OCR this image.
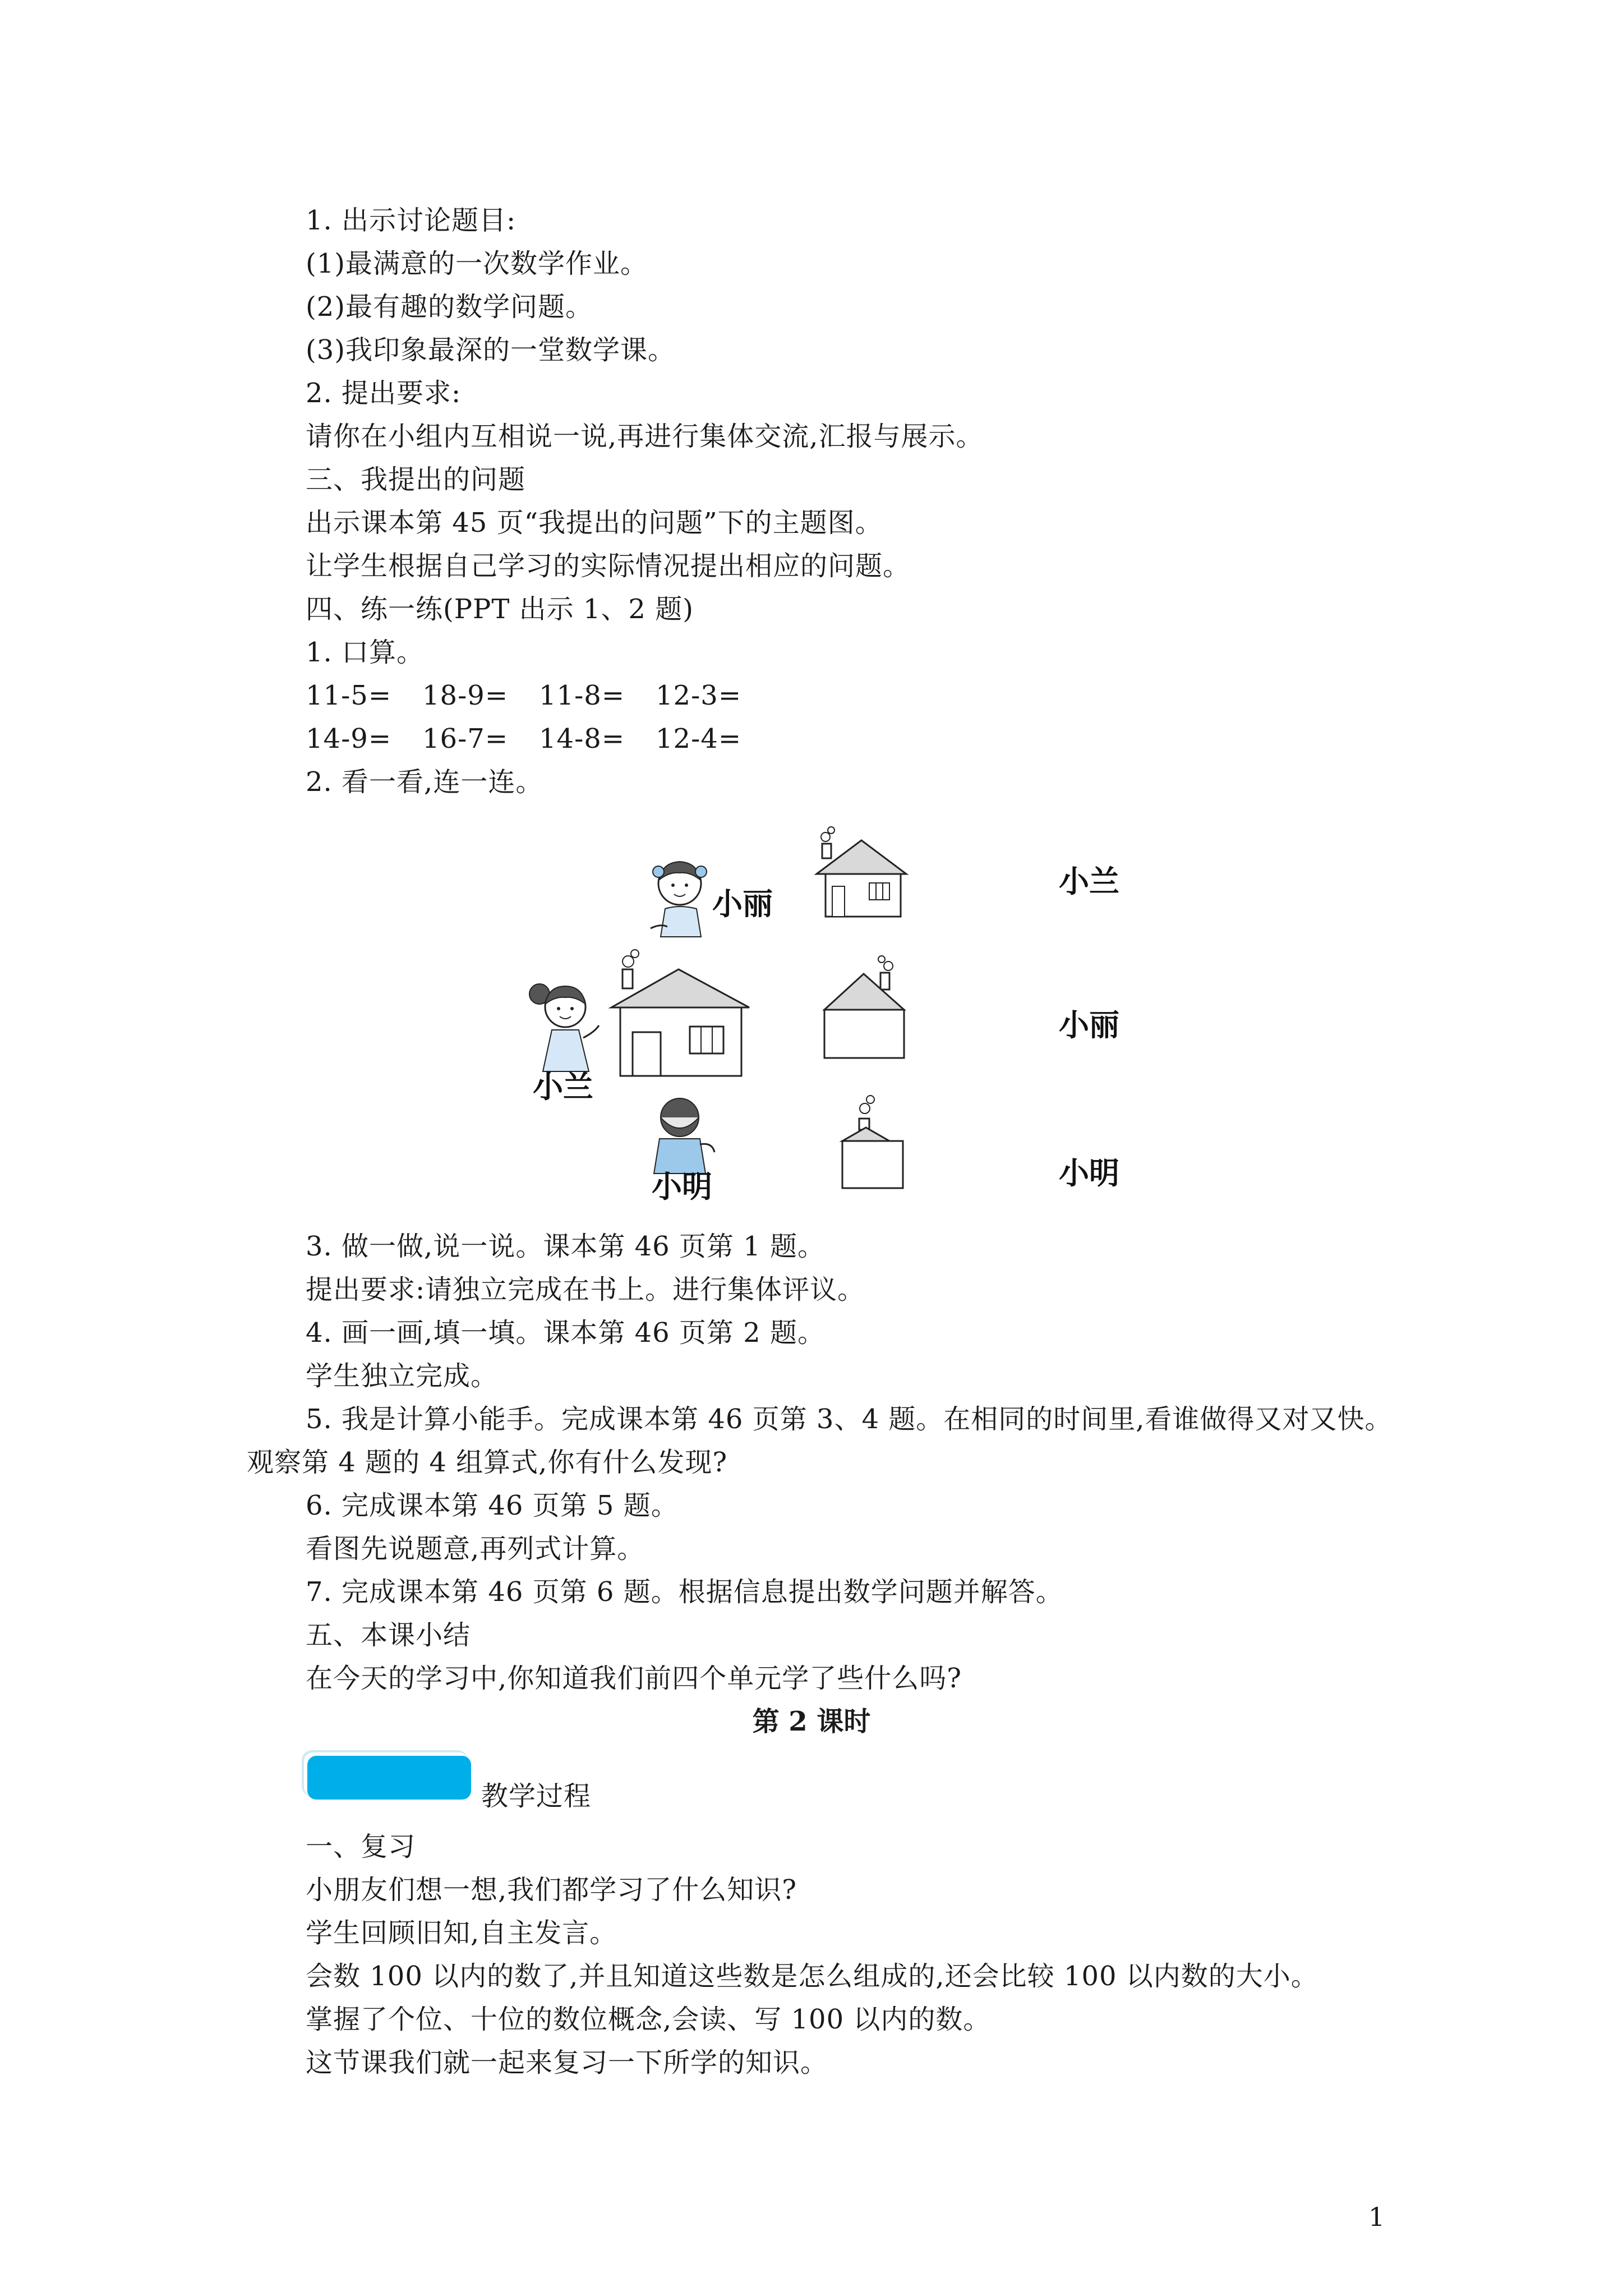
1. 出示讨论题目:
(1)最满意的一次数学作业。
(2)最有趣的数学问题。
(3)我印象最深的一堂数学课。
2. 提出要求:
请你在小组内互相说一说,再进行集体交流,汇报与展示。
三、我提出的问题
出示课本第 45 页“我提出的问题”下的主题图。
让学生根据自己学习的实际情况提出相应的问题。
四、练一练(PPT 出示 1、2 题)
1. 口算。
11-5= 18-9= 11-8= 12-3=
14-9= 16-7= 14-8= 12-4=
2. 看一看,连一连。
小丽
小兰
小明
小兰
小丽
小明
3. 做一做,说一说。课本第 46 页第 1 题。
提出要求:请独立完成在书上。进行集体评议。
4. 画一画,填一填。课本第 46 页第 2 题。
学生独立完成。
5. 我是计算小能手。完成课本第 46 页第 3、4 题。在相同的时间里,看谁做得又对又快。
观察第 4 题的 4 组算式,你有什么发现?
6. 完成课本第 46 页第 5 题。
看图先说题意,再列式计算。
7. 完成课本第 46 页第 6 题。根据信息提出数学问题并解答。
五、本课小结
在今天的学习中,你知道我们前四个单元学了些什么吗?
第 2 课时
教学过程
一、复习
小朋友们想一想,我们都学习了什么知识?
学生回顾旧知,自主发言。
会数 100 以内的数了,并且知道这些数是怎么组成的,还会比较 100 以内数的大小。
掌握了个位、十位的数位概念,会读、写 100 以内的数。
这节课我们就一起来复习一下所学的知识。
1
